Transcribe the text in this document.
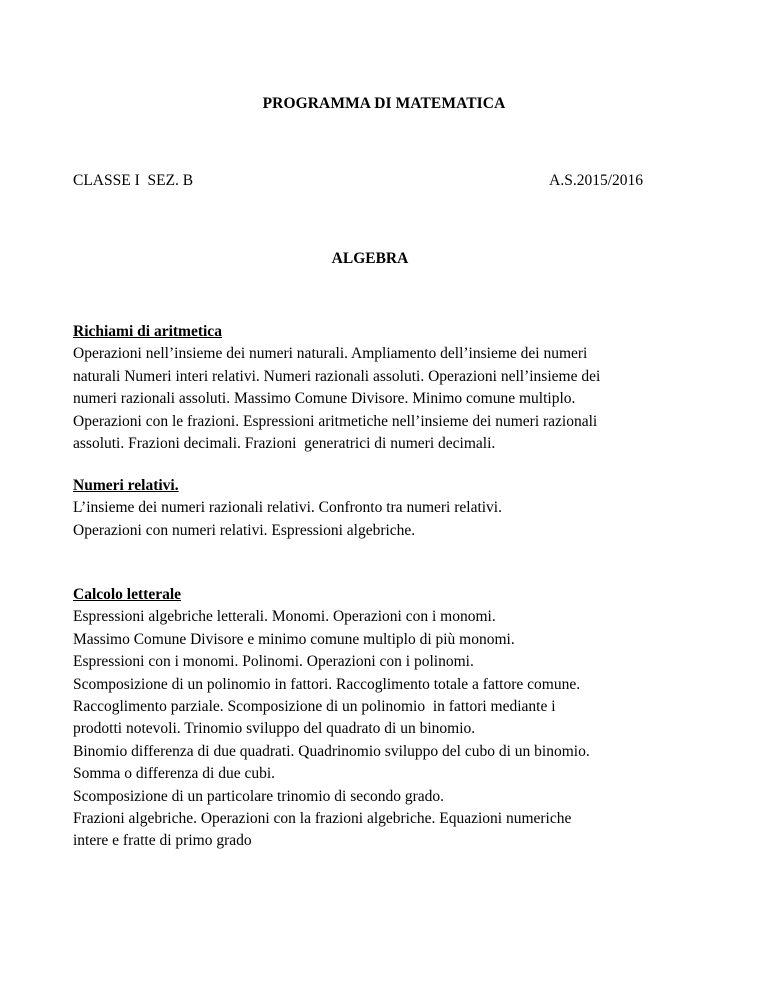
PROGRAMMA DI MATEMATICA
CLASSE I  SEZ. B	A.S.2015/2016
ALGEBRA
Richiami di aritmetica
Operazioni nell’insieme dei numeri naturali. Ampliamento dell’insieme dei numeri
naturali Numeri interi relativi. Numeri razionali assoluti. Operazioni nell’insieme dei
numeri razionali assoluti. Massimo Comune Divisore. Minimo comune multiplo.
Operazioni con le frazioni. Espressioni aritmetiche nell’insieme dei numeri razionali
assoluti. Frazioni decimali. Frazioni  generatrici di numeri decimali.
Numeri relativi.
L’insieme dei numeri razionali relativi. Confronto tra numeri relativi.
Operazioni con numeri relativi. Espressioni algebriche.
Calcolo letterale
Espressioni algebriche letterali. Monomi. Operazioni con i monomi.
Massimo Comune Divisore e minimo comune multiplo di più monomi.
Espressioni con i monomi. Polinomi. Operazioni con i polinomi.
Scomposizione di un polinomio in fattori. Raccoglimento totale a fattore comune.
Raccoglimento parziale. Scomposizione di un polinomio  in fattori mediante i
prodotti notevoli. Trinomio sviluppo del quadrato di un binomio.
Binomio differenza di due quadrati. Quadrinomio sviluppo del cubo di un binomio.
Somma o differenza di due cubi.
Scomposizione di un particolare trinomio di secondo grado.
Frazioni algebriche. Operazioni con la frazioni algebriche. Equazioni numeriche
intere e fratte di primo grado
